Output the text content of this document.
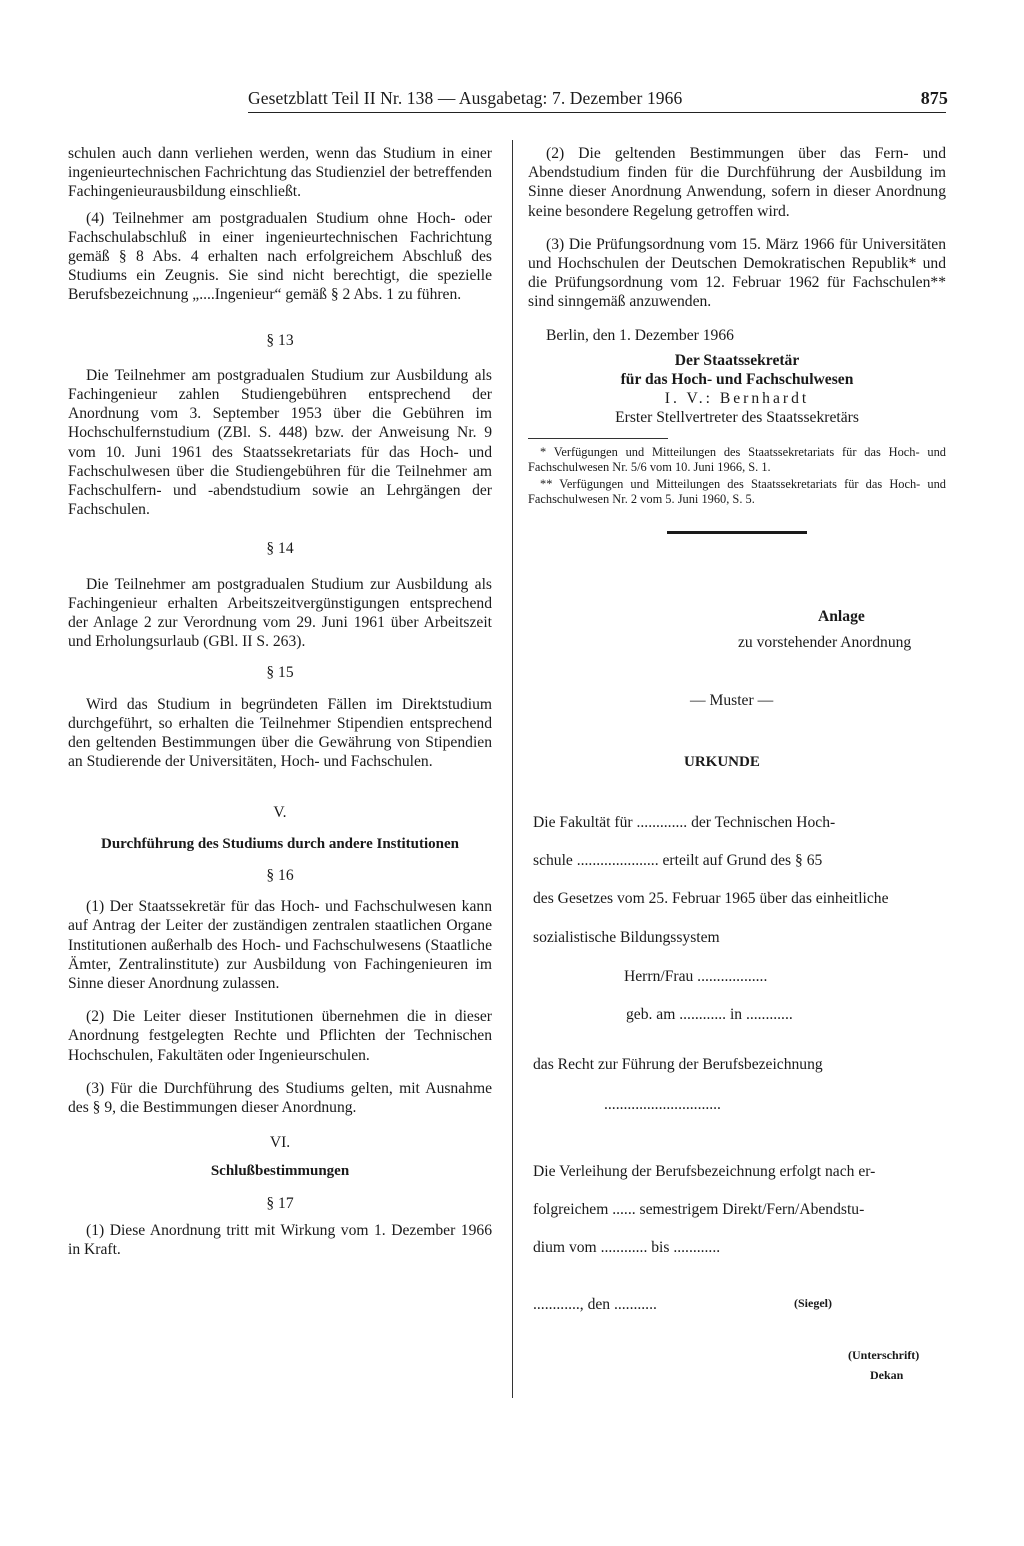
Gesetzblatt Teil II Nr. 138 — Ausgabetag: 7. Dezember 1966	875

schulen auch dann verliehen werden, wenn das Studium in einer ingenieurtechnischen Fachrichtung das Studienziel der betreffenden Fachingenieurausbildung einschließt.

(4) Teilnehmer am postgradualen Studium ohne Hoch- oder Fachschulabschluß in einer ingenieurtechnischen Fachrichtung gemäß § 8 Abs. 4 erhalten nach erfolgreichem Abschluß des Studiums ein Zeugnis. Sie sind nicht berechtigt, die spezielle Berufsbezeichnung „....Ingenieur“ gemäß § 2 Abs. 1 zu führen.

§ 13

Die Teilnehmer am postgradualen Studium zur Ausbildung als Fachingenieur zahlen Studiengebühren entsprechend der Anordnung vom 3. September 1953 über die Gebühren im Hochschulfernstudium (ZBl. S. 448) bzw. der Anweisung Nr. 9 vom 10. Juni 1961 des Staatssekretariats für das Hoch- und Fachschulwesen über die Studiengebühren für die Teilnehmer am Fachschulfern- und -abendstudium sowie an Lehrgängen der Fachschulen.

§ 14

Die Teilnehmer am postgradualen Studium zur Ausbildung als Fachingenieur erhalten Arbeitszeitvergünstigungen entsprechend der Anlage 2 zur Verordnung vom 29. Juni 1961 über Arbeitszeit und Erholungsurlaub (GBl. II S. 263).

§ 15

Wird das Studium in begründeten Fällen im Direktstudium durchgeführt, so erhalten die Teilnehmer Stipendien entsprechend den geltenden Bestimmungen über die Gewährung von Stipendien an Studierende der Universitäten, Hoch- und Fachschulen.

V.

Durchführung des Studiums durch andere Institutionen

§ 16

(1) Der Staatssekretär für das Hoch- und Fachschulwesen kann auf Antrag der Leiter der zuständigen zentralen staatlichen Organe Institutionen außerhalb des Hoch- und Fachschulwesens (Staatliche Ämter, Zentralinstitute) zur Ausbildung von Fachingenieuren im Sinne dieser Anordnung zulassen.

(2) Die Leiter dieser Institutionen übernehmen die in dieser Anordnung festgelegten Rechte und Pflichten der Technischen Hochschulen, Fakultäten oder Ingenieurschulen.

(3) Für die Durchführung des Studiums gelten, mit Ausnahme des § 9, die Bestimmungen dieser Anordnung.

VI.

Schlußbestimmungen

§ 17

(1) Diese Anordnung tritt mit Wirkung vom 1. Dezember 1966 in Kraft.

(2) Die geltenden Bestimmungen über das Fern- und Abendstudium finden für die Durchführung der Ausbildung im Sinne dieser Anordnung Anwendung, sofern in dieser Anordnung keine besondere Regelung getroffen wird.

(3) Die Prüfungsordnung vom 15. März 1966 für Universitäten und Hochschulen der Deutschen Demokratischen Republik* und die Prüfungsordnung vom 12. Februar 1962 für Fachschulen** sind sinngemäß anzuwenden.

Berlin, den 1. Dezember 1966

Der Staatssekretär

für das Hoch- und Fachschulwesen

I. V.: Bernhardt

Erster Stellvertreter des Staatssekretärs

* Verfügungen und Mitteilungen des Staatssekretariats für das Hoch- und Fachschulwesen Nr. 5/6 vom 10. Juni 1966, S. 1.

** Verfügungen und Mitteilungen des Staatssekretariats für das Hoch- und Fachschulwesen Nr. 2 vom 5. Juni 1960, S. 5.

Anlage
zu vorstehender Anordnung
— Muster —
URKUNDE
Die Fakultät für ............. der Technischen Hoch-
schule ..................... erteilt auf Grund des § 65
des Gesetzes vom 25. Februar 1965 über das einheitliche
sozialistische Bildungssystem
Herrn/Frau ..................
geb. am ............ in ............
das Recht zur Führung der Berufsbezeichnung
..............................
Die Verleihung der Berufsbezeichnung erfolgt nach er-
folgreichem ...... semestrigem Direkt/Fern/Abendstu-
dium vom ............ bis ............
............, den ...........	(Siegel)
(Unterschrift)
Dekan
